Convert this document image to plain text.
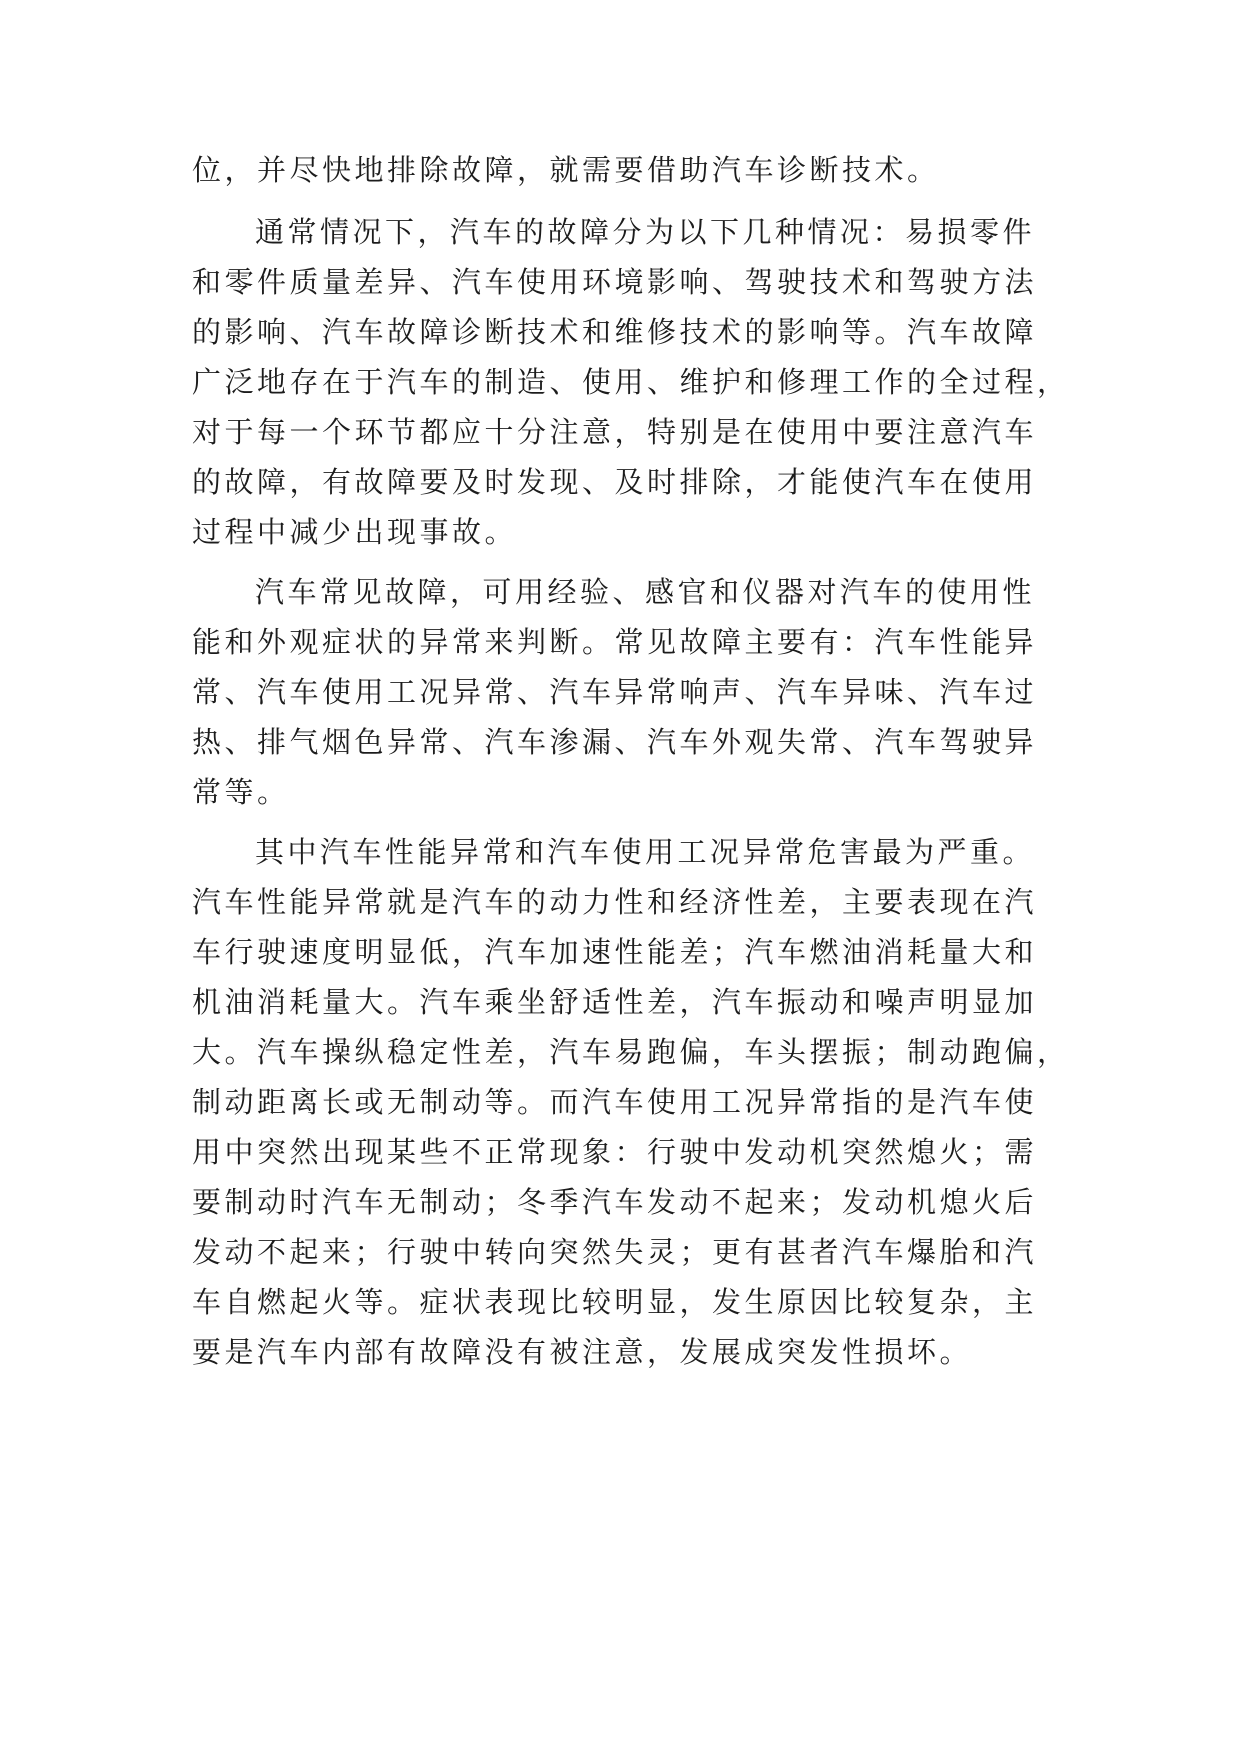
位，并尽快地排除故障，就需要借助汽车诊断技术。
通常情况下，汽车的故障分为以下几种情况：易损零件
和零件质量差异、汽车使用环境影响、驾驶技术和驾驶方法
的影响、汽车故障诊断技术和维修技术的影响等。汽车故障
广泛地存在于汽车的制造、使用、维护和修理工作的全过程，
对于每一个环节都应十分注意，特别是在使用中要注意汽车
的故障，有故障要及时发现、及时排除，才能使汽车在使用
过程中减少出现事故。
汽车常见故障，可用经验、感官和仪器对汽车的使用性
能和外观症状的异常来判断。常见故障主要有：汽车性能异
常、汽车使用工况异常、汽车异常响声、汽车异味、汽车过
热、排气烟色异常、汽车渗漏、汽车外观失常、汽车驾驶异
常等。
其中汽车性能异常和汽车使用工况异常危害最为严重。
汽车性能异常就是汽车的动力性和经济性差，主要表现在汽
车行驶速度明显低，汽车加速性能差；汽车燃油消耗量大和
机油消耗量大。汽车乘坐舒适性差，汽车振动和噪声明显加
大。汽车操纵稳定性差，汽车易跑偏，车头摆振；制动跑偏，
制动距离长或无制动等。而汽车使用工况异常指的是汽车使
用中突然出现某些不正常现象：行驶中发动机突然熄火；需
要制动时汽车无制动；冬季汽车发动不起来；发动机熄火后
发动不起来；行驶中转向突然失灵；更有甚者汽车爆胎和汽
车自燃起火等。症状表现比较明显，发生原因比较复杂，主
要是汽车内部有故障没有被注意，发展成突发性损坏。
